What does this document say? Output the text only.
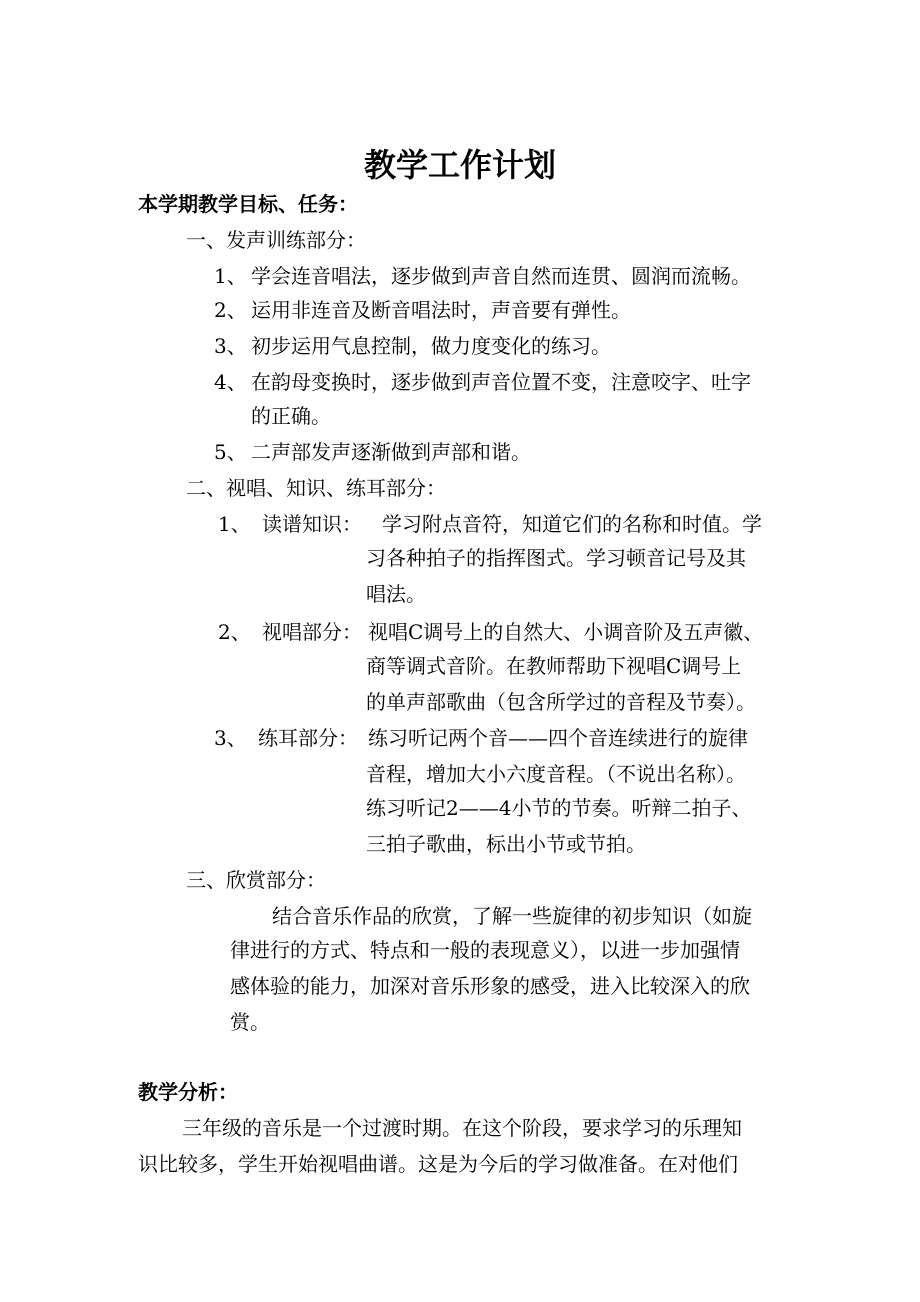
教学工作计划
本学期教学目标、任务：
一、发声训练部分：
1、 学会连音唱法，逐步做到声音自然而连贯、圆润而流畅。
2、 运用非连音及断音唱法时，声音要有弹性。
3、 初步运用气息控制，做力度变化的练习。
4、 在韵母变换时，逐步做到声音位置不变，注意咬字、吐字
的正确。
5、 二声部发声逐渐做到声部和谐。
二、视唱、知识、练耳部分：
1、 读谱知识： 学习附点音符，知道它们的名称和时值。学
习各种拍子的指挥图式。学习顿音记号及其
唱法。
2、 视唱部分： 视唱C调号上的自然大、小调音阶及五声徽、
商等调式音阶。在教师帮助下视唱C调号上
的单声部歌曲（包含所学过的音程及节奏）。
3、 练耳部分： 练习听记两个音——四个音连续进行的旋律
音程，增加大小六度音程。（不说出名称）。
练习听记2——4小节的节奏。听辩二拍子、
三拍子歌曲，标出小节或节拍。
三、欣赏部分：
结合音乐作品的欣赏，了解一些旋律的初步知识（如旋
律进行的方式、特点和一般的表现意义），以进一步加强情
感体验的能力，加深对音乐形象的感受，进入比较深入的欣
赏。
教学分析：
三年级的音乐是一个过渡时期。在这个阶段，要求学习的乐理知
识比较多，学生开始视唱曲谱。这是为今后的学习做准备。在对他们
